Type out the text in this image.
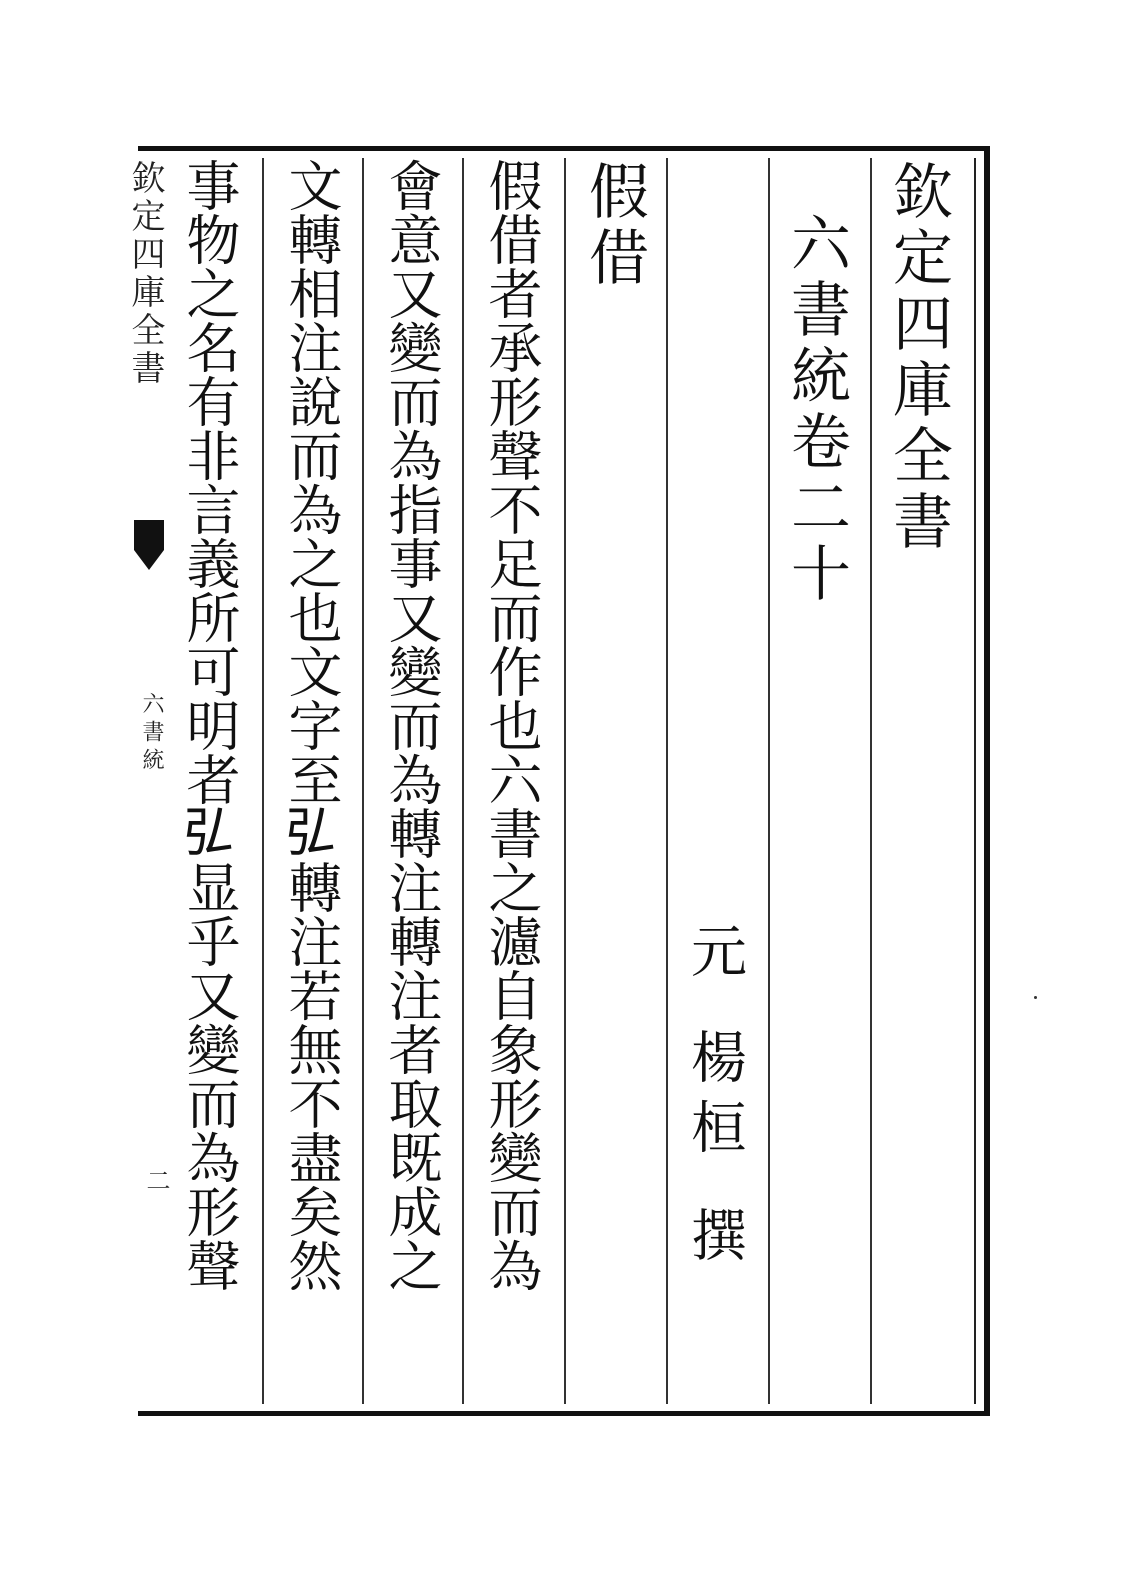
欽定四庫全書
六書統卷二十
元
楊桓
撰
假借
假借者承形聲不足而作也六書之濾自象形變而為
會意又變而為指事又變而為轉注轉注者取既成之
文轉相注說而為之也文字至𢎞轉注若無不盡矣然
事物之名有非言義所可明者𢎞显乎又變而為形聲
欽定四庫全書
六書統
二
